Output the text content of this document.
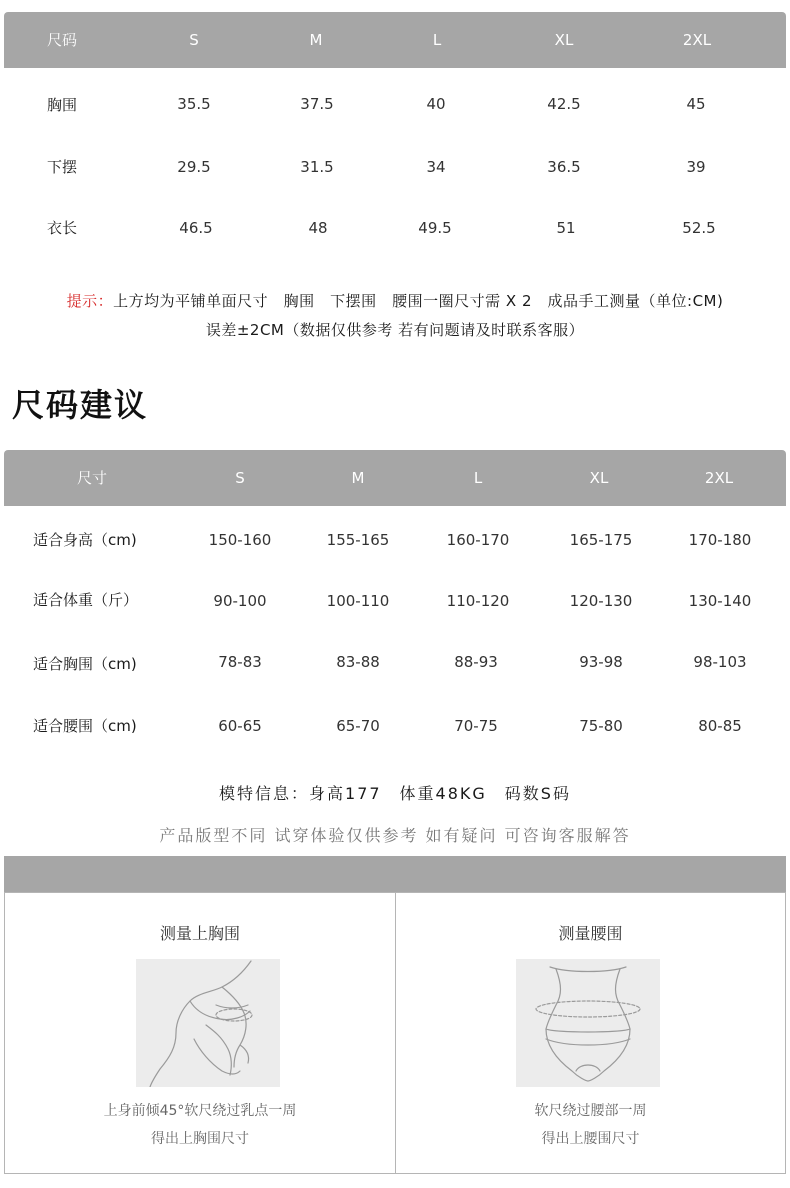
尺码	S	M	L	XL	2XL
胸围	35.5	37.5	40	42.5	45
下摆	29.5	31.5	34	36.5	39
衣长	46.5	48	49.5	51	52.5
提示：上方均为平铺单面尺寸　胸围　下摆围　腰围一圈尺寸需 X 2　成品手工测量（单位:CM)
误差±2CM（数据仅供参考 若有问题请及时联系客服）
尺码建议
尺寸	S	M	L	XL	2XL
适合身高（cm)	150-160	155-165	160-170	165-175	170-180
适合体重（斤）	90-100	100-110	110-120	120-130	130-140
适合胸围（cm)	78-83	83-88	88-93	93-98	98-103
适合腰围（cm)	60-65	65-70	70-75	75-80	80-85
模特信息：身高177　体重48KG　码数S码
产品版型不同 试穿体验仅供参考 如有疑问 可咨询客服解答
测量上胸围
上身前倾45°软尺绕过乳点一周
得出上胸围尺寸
测量腰围
软尺绕过腰部一周
得出上腰围尺寸
